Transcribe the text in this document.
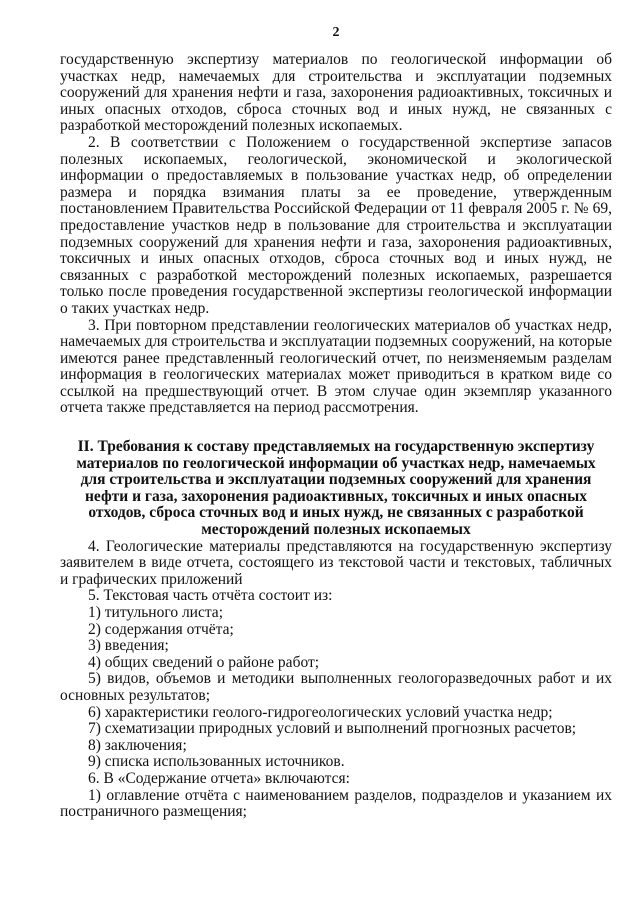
2

государственную экспертизу материалов по геологической информации об участках недр, намечаемых для строительства и эксплуатации подземных сооружений для хранения нефти и газа, захоронения радиоактивных, токсичных и иных опасных отходов, сброса сточных вод и иных нужд, не связанных с разработкой месторождений полезных ископаемых.

2. В соответствии с Положением о государственной экспертизе запасов полезных ископаемых, геологической, экономической и экологической информации о предоставляемых в пользование участках недр, об определении размера и порядка взимания платы за ее проведение, утвержденным постановлением Правительства Российской Федерации от 11 февраля 2005 г. № 69, предоставление участков недр в пользование для строительства и эксплуатации подземных сооружений для хранения нефти и газа, захоронения радиоактивных, токсичных и иных опасных отходов, сброса сточных вод и иных нужд, не связанных с разработкой месторождений полезных ископаемых, разрешается только после проведения государственной экспертизы геологической информации о таких участках недр.

3. При повторном представлении геологических материалов об участках недр, намечаемых для строительства и эксплуатации подземных сооружений, на которые имеются ранее представленный геологический отчет, по неизменяемым разделам информация в геологических материалах может приводиться в кратком виде со ссылкой на предшествующий отчет. В этом случае один экземпляр указанного отчета также представляется на период рассмотрения.

II. Требования к составу представляемых на государственную экспертизу материалов по геологической информации об участках недр, намечаемых для строительства и эксплуатации подземных сооружений для хранения нефти и газа, захоронения радиоактивных, токсичных и иных опасных отходов, сброса сточных вод и иных нужд, не связанных с разработкой месторождений полезных ископаемых

4. Геологические материалы представляются на государственную экспертизу заявителем в виде отчета, состоящего из текстовой части и текстовых, табличных и графических приложений

5. Текстовая часть отчёта состоит из:

1) титульного листа;

2) содержания отчёта;

3) введения;

4) общих сведений о районе работ;

5) видов, объемов и методики выполненных геологоразведочных работ и их основных результатов;

6) характеристики геолого-гидрогеологических условий участка недр;

7) схематизации природных условий и выполнений прогнозных расчетов;

8) заключения;

9) списка использованных источников.

6. В «Содержание отчета» включаются:

1) оглавление отчёта с наименованием разделов, подразделов и указанием их постраничного размещения;
